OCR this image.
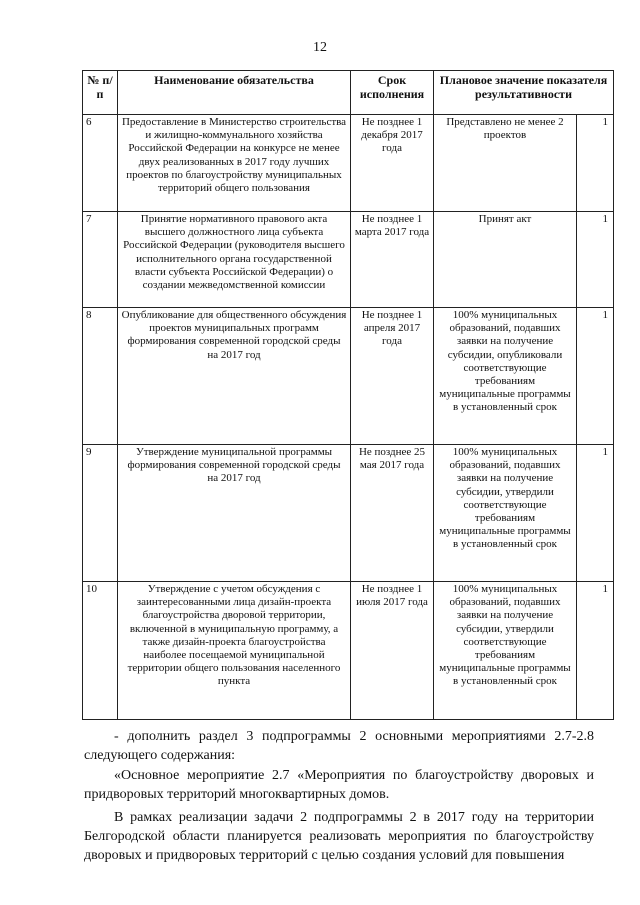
12
№ п/п	Наименование обязательства	Срок исполнения	Плановое значение показателя результативности	
6	Предоставление в Министерство строительства и жилищно-коммунального хозяйства Российской Федерации на конкурсе не менее двух реализованных в 2017 году лучших проектов по благоустройству муниципальных территорий общего пользования	Не позднее 1 декабря 2017 года	Представлено не менее 2 проектов	1
7	Принятие нормативного правового акта высшего должностного лица субъекта Российской Федерации (руководителя высшего исполнительного органа государственной власти субъекта Российской Федерации) о создании межведомственной комиссии	Не позднее 1 марта 2017 года	Принят акт	1
8	Опубликование для общественного обсуждения проектов муниципальных программ формирования современной городской среды на 2017 год	Не позднее 1 апреля 2017 года	100% муниципальных образований, подавших заявки на получение субсидии, опубликовали соответствующие требованиям муниципальные программы в установленный срок	1
9	Утверждение муниципальной программы формирования современной городской среды на 2017 год	Не позднее 25 мая 2017 года	100% муниципальных образований, подавших заявки на получение субсидии, утвердили соответствующие требованиям муниципальные программы в установленный срок	1
10	Утверждение с учетом обсуждения с заинтересованными лица дизайн-проекта благоустройства дворовой территории, включенной в муниципальную программу, а также дизайн-проекта благоустройства наиболее посещаемой муниципальной территории общего пользования населенного пункта	Не позднее 1 июля 2017 года	100% муниципальных образований, подавших заявки на получение субсидии, утвердили соответствующие требованиям муниципальные программы в установленный срок	1

- дополнить раздел 3 подпрограммы 2 основными мероприятиями 2.7-2.8 следующего содержания:

«Основное мероприятие 2.7 «Мероприятия по благоустройству дворовых и придворовых территорий многоквартирных домов.

В рамках реализации задачи 2 подпрограммы 2 в 2017 году на территории Белгородской области планируется реализовать мероприятия по благоустройству дворовых и придворовых территорий с целью создания условий для повышения
